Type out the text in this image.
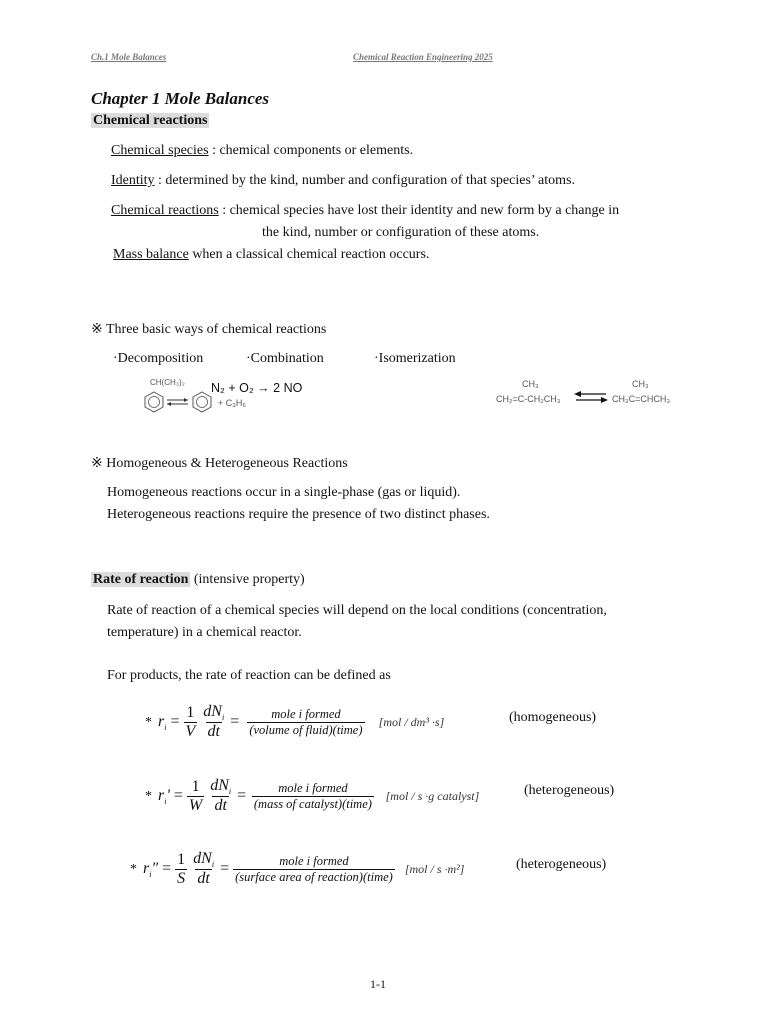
Ch.1 Mole Balances	Chemical Reaction Engineering 2025
Chapter 1 Mole Balances
Chemical reactions
Chemical species : chemical components or elements.
Identity : determined by the kind, number and configuration of that species’ atoms.
Chemical reactions : chemical species have lost their identity and new form by a change in
the kind, number or configuration of these atoms.
Mass balance when a classical chemical reaction occurs.
※ Three basic ways of chemical reactions
·Decomposition	·Combination	·Isomerization
CH(CH₃)₂
+ C₃H₆
N₂ + O₂ → 2 NO	CH₃
CH₂=C-CH₂CH₃ ⇌
CH₃
CH₃C=CHCH₃
※ Homogeneous & Heterogeneous Reactions
Homogeneous reactions occur in a single-phase (gas or liquid).
Heterogeneous reactions require the presence of two distinct phases.
Rate of reaction (intensive property)
Rate of reaction of a chemical species will depend on the local conditions (concentration,
temperature) in a chemical reactor.
For products, the rate of reaction can be defined as
* $r_i = \frac{1}{V}$
$\frac{dN_i}{dt} = \frac{\text{mole i formed}}{\text{(volume of fluid)(time)}} [mol / dm^3 \cdot s]$	(homogeneous)
* $r_i' = \frac{1}{W}$
$\frac{dN_i}{dt} = \frac{\text{mole i formed}}{\text{(mass of catalyst)(time)}} [mol / s \cdot g$ catalyst]	(heterogeneous)
* $r_i'' = \frac{1}{S}$
$\frac{dN_i}{dt} = \frac{\text{mole i formed}}{\text{(surface area of reaction)(time)}} [mol / s \cdot m^2]$	(heterogeneous)
1-1
